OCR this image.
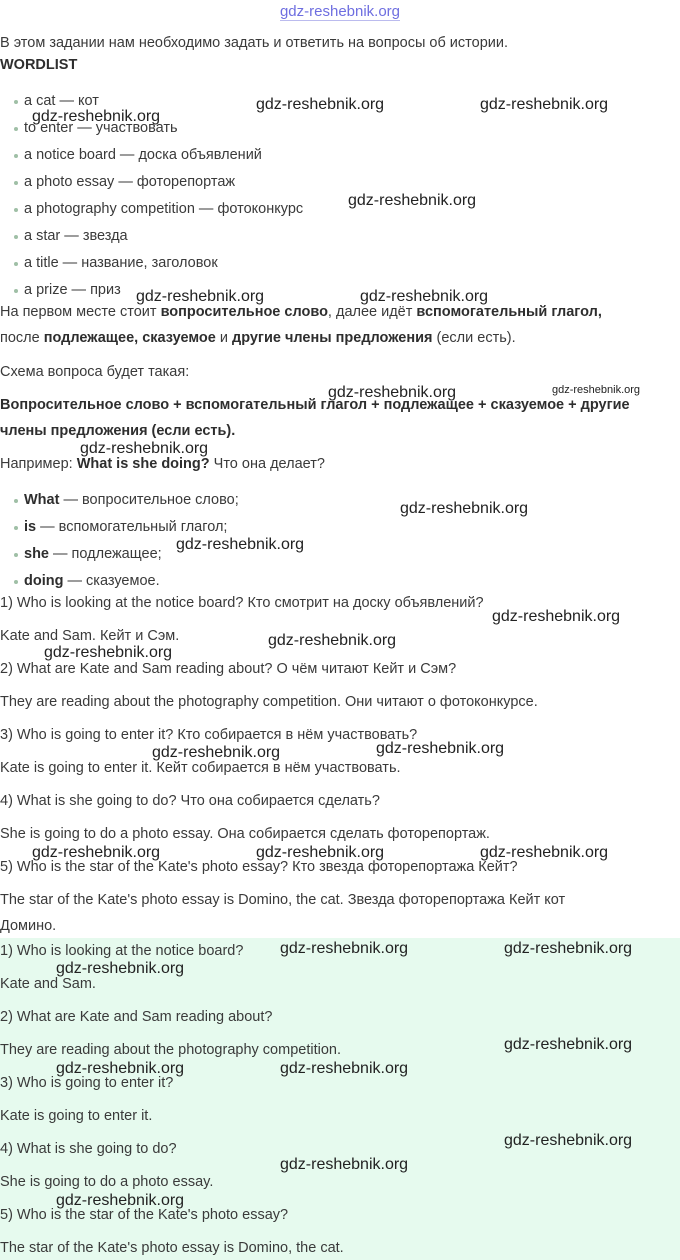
gdz-reshebnik.org
В этом задании нам необходимо задать и ответить на вопросы об истории.
WORDLIST
a cat — кот
to enter — участвовать
a notice board — доска объявлений
a photo essay — фоторепортаж
a photography competition — фотоконкурс
a star — звезда
a title — название, заголовок
a prize — приз
На первом месте стоит вопросительное слово, далее идёт вспомогательный глагол,
после подлежащее, сказуемое и другие члены предложения (если есть).
Схема вопроса будет такая:
Вопросительное слово + вспомогательный глагол + подлежащее + сказуемое + другие
члены предложения (если есть).
Например: What is she doing? Что она делает?
What — вопросительное слово;
is — вспомогательный глагол;
she — подлежащее;
doing — сказуемое.
1) Who is looking at the notice board? Кто смотрит на доску объявлений?
Kate and Sam. Кейт и Сэм.
2) What are Kate and Sam reading about? О чём читают Кейт и Сэм?
They are reading about the photography competition. Они читают о фотоконкурсе.
3) Who is going to enter it? Кто собирается в нём участвовать?
Kate is going to enter it. Кейт собирается в нём участвовать.
4) What is she going to do? Что она собирается сделать?
She is going to do a photo essay. Она собирается сделать фоторепортаж.
5) Who is the star of the Kate's photo essay? Кто звезда фоторепортажа Кейт?
The star of the Kate's photo essay is Domino, the cat. Звезда фоторепортажа Кейт кот
Домино.
1) Who is looking at the notice board?
Kate and Sam.
2) What are Kate and Sam reading about?
They are reading about the photography competition.
3) Who is going to enter it?
Kate is going to enter it.
4) What is she going to do?
She is going to do a photo essay.
5) Who is the star of the Kate's photo essay?
The star of the Kate's photo essay is Domino, the cat.
gdz-reshebnik.org	gdz-reshebnik.org
gdz-reshebnik.org
gdz-reshebnik.org
gdz-reshebnik.org	gdz-reshebnik.org
gdz-reshebnik.org	gdz-reshebnik.org
gdz-reshebnik.org
gdz-reshebnik.org
gdz-reshebnik.org
gdz-reshebnik.org
gdz-reshebnik.org
gdz-reshebnik.org
gdz-reshebnik.org
gdz-reshebnik.org
gdz-reshebnik.org	gdz-reshebnik.org	gdz-reshebnik.org
gdz-reshebnik.org	gdz-reshebnik.org
gdz-reshebnik.org
gdz-reshebnik.org
gdz-reshebnik.org	gdz-reshebnik.org
gdz-reshebnik.org
gdz-reshebnik.org
gdz-reshebnik.org
